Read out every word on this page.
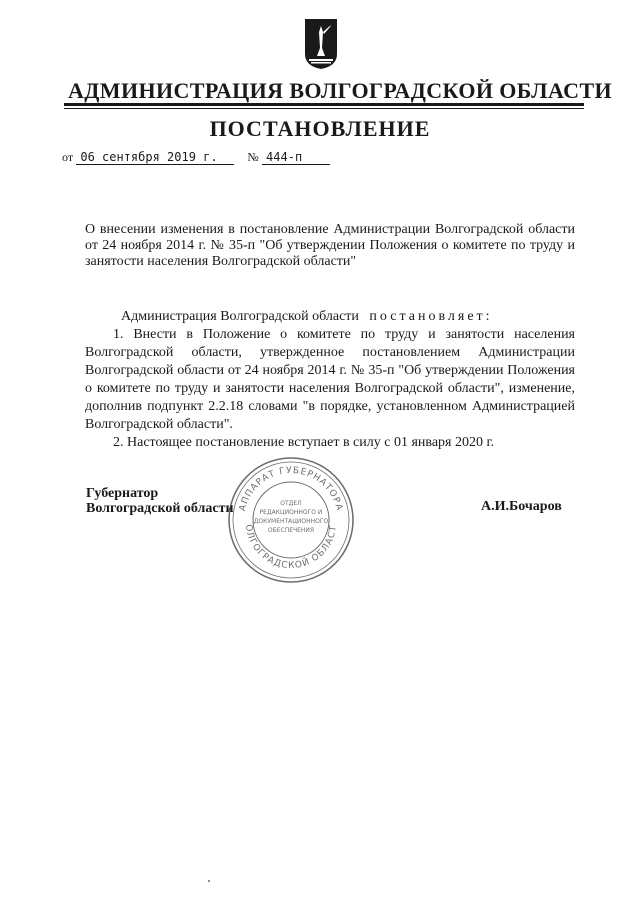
АДМИНИСТРАЦИЯ ВОЛГОГРАДСКОЙ ОБЛАСТИ
ПОСТАНОВЛЕНИЕ
от 06 сентября 2019 г. № 444-п
О внесении изменения в постановление Администрации Волгоградской области от 24 ноября 2014 г. № 35-п "Об утверждении Положения о комитете по труду и занятости населения Волгоградской области"

Администрация Волгоградской области постановляет:

1. Внести в Положение о комитете по труду и занятости населения Волгоградской области, утвержденное постановлением Администрации Волгоградской области от 24 ноября 2014 г. № 35-п "Об утверждении Положения о комитете по труду и занятости населения Волгоградской области", изменение, дополнив подпункт 2.2.18 словами "в порядке, установленном Администрацией Волгоградской области".

2. Настоящее постановление вступает в силу с 01 января 2020 г.

АППАРАТ ГУБЕРНАТОРА
ОЛГОГРАДСКОЙ ОБЛАСТ
ОТДЕЛ
РЕДАКЦИОННОГО И
ДОКУМЕНТАЦИОННОГО
ОБЕСПЕЧЕНИЯ
Губернатор
Волгоградской области	А.И.Бочаров
